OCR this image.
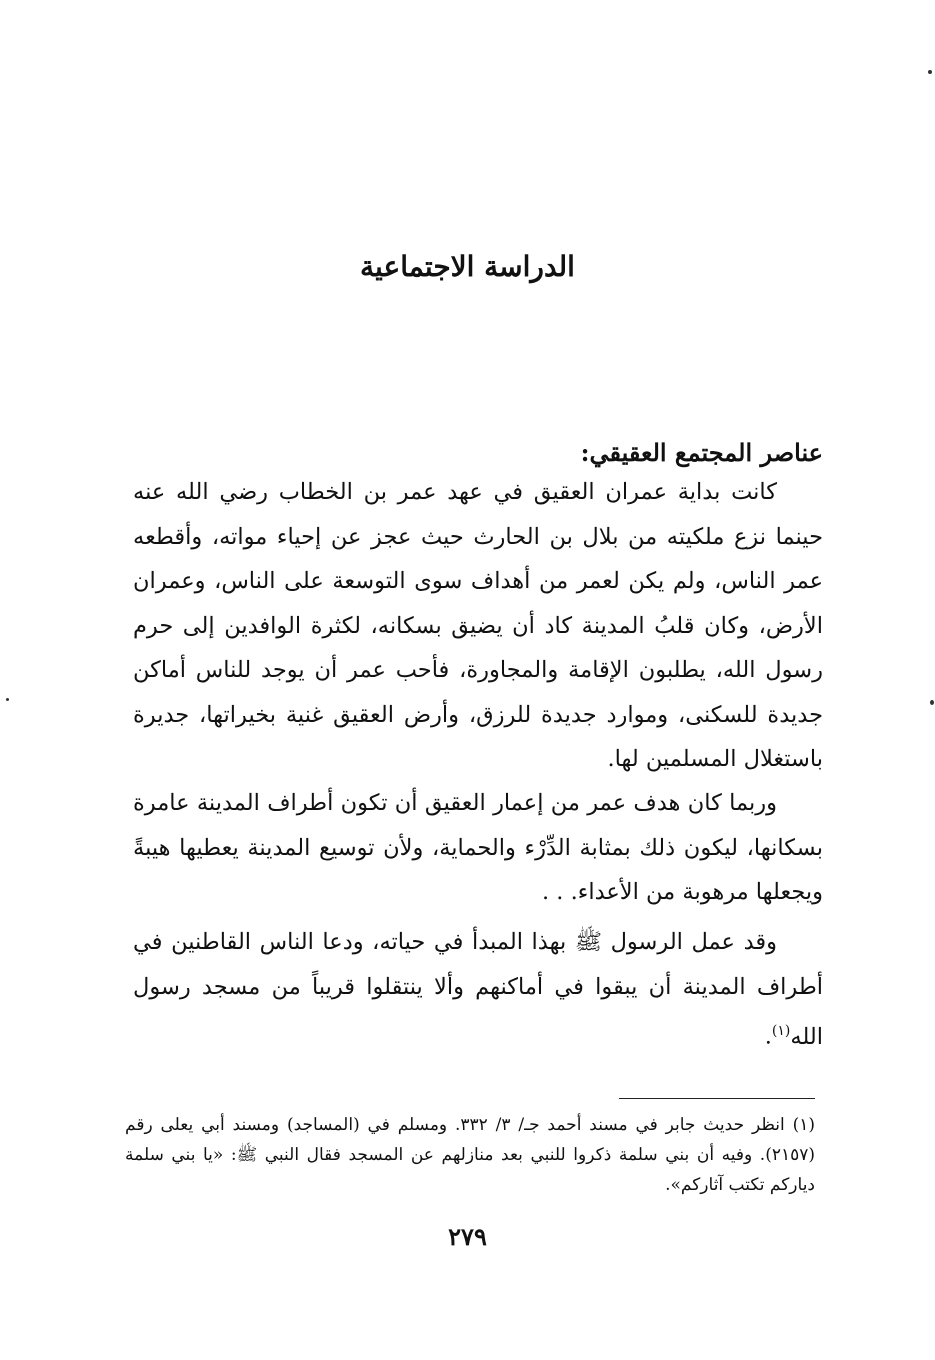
الدراسة الاجتماعية
عناصر المجتمع العقيقي:

كانت بداية عمران العقيق في عهد عمر بن الخطاب رضي الله عنه حينما نزع ملكيته من بلال بن الحارث حيث عجز عن إحياء مواته، وأقطعه عمر الناس، ولم يكن لعمر من أهداف سوى التوسعة على الناس، وعمران الأرض، وكان قلبُ المدينة كاد أن يضيق بسكانه، لكثرة الوافدين إلى حرم رسول الله، يطلبون الإقامة والمجاورة، فأحب عمر أن يوجد للناس أماكن جديدة للسكنى، وموارد جديدة للرزق، وأرض العقيق غنية بخيراتها، جديرة باستغلال المسلمين لها.

وربما كان هدف عمر من إعمار العقيق أن تكون أطراف المدينة عامرة بسكانها، ليكون ذلك بمثابة الدِّرْء والحماية، ولأن توسيع المدينة يعطيها هيبةً ويجعلها مرهوبة من الأعداء. . .

وقد عمل الرسول ﷺ بهذا المبدأ في حياته، ودعا الناس القاطنين في أطراف المدينة أن يبقوا في أماكنهم وألا ينتقلوا قريباً من مسجد رسول الله$^{(١)}$.

(١) انظر حديث جابر في مسند أحمد جـ/ ٣/ ٣٣٢. ومسلم في (المساجد) ومسند أبي يعلى رقم (٢١٥٧). وفيه أن بني سلمة ذكروا للنبي بعد منازلهم عن المسجد فقال النبي ﷺ: «يا بني سلمة دياركم تكتب آثاركم».

٢٧٩
